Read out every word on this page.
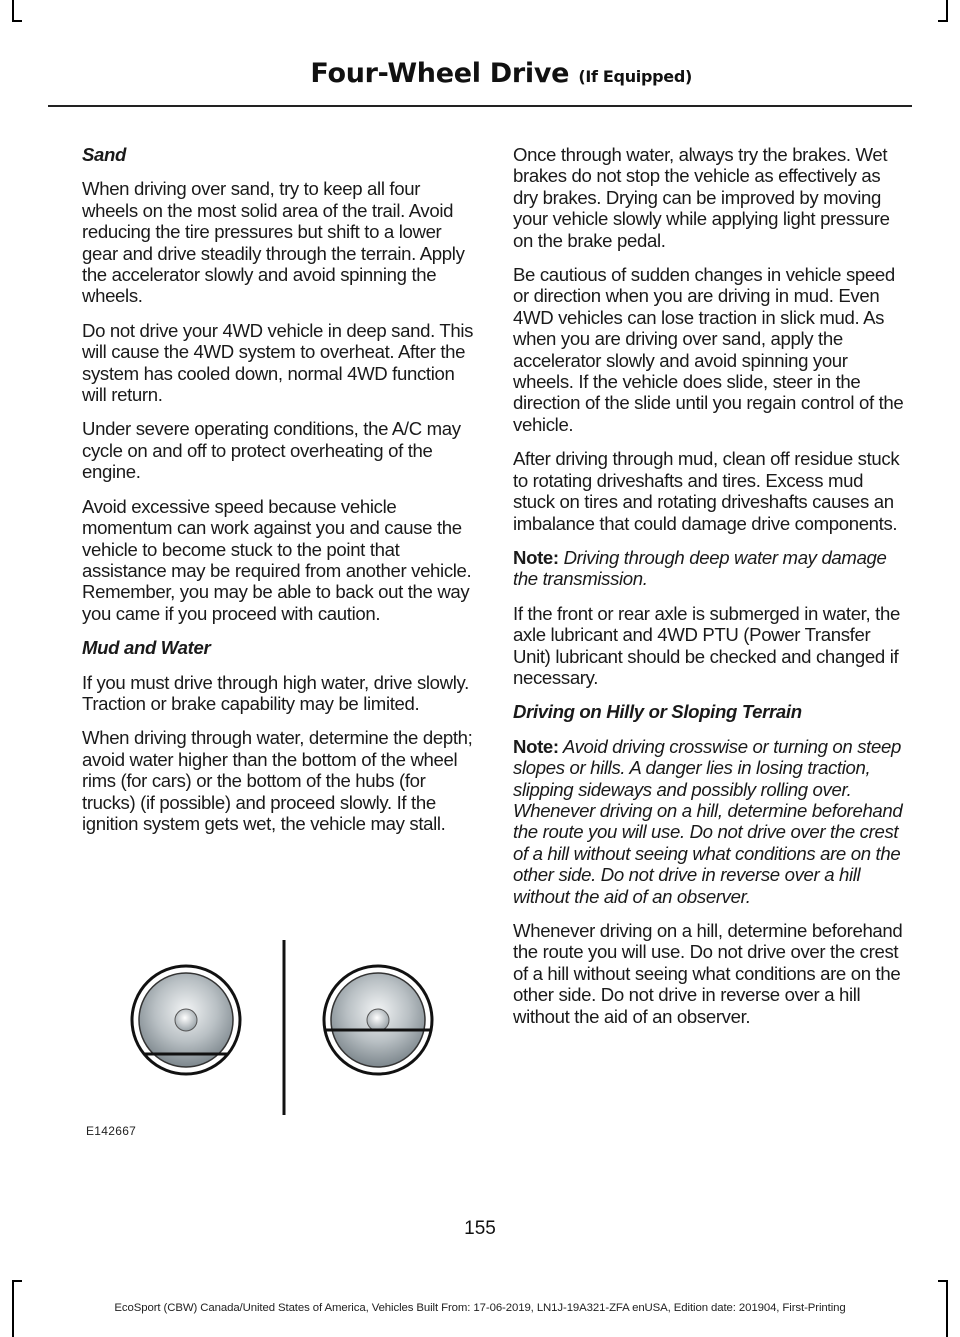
Four-Wheel Drive (If Equipped)

Sand

When driving over sand, try to keep all four wheels on the most solid area of the trail. Avoid reducing the tire pressures but shift to a lower gear and drive steadily through the terrain. Apply the accelerator slowly and avoid spinning the wheels.

Do not drive your 4WD vehicle in deep sand. This will cause the 4WD system to overheat. After the system has cooled down, normal 4WD function will return.

Under severe operating conditions, the A/C may cycle on and off to protect overheating of the engine.

Avoid excessive speed because vehicle momentum can work against you and cause the vehicle to become stuck to the point that assistance may be required from another vehicle. Remember, you may be able to back out the way you came if you proceed with caution.

Mud and Water

If you must drive through high water, drive slowly. Traction or brake capability may be limited.

When driving through water, determine the depth; avoid water higher than the bottom of the wheel rims (for cars) or the bottom of the hubs (for trucks) (if possible) and proceed slowly. If the ignition system gets wet, the vehicle may stall.

E142667

Once through water, always try the brakes. Wet brakes do not stop the vehicle as effectively as dry brakes. Drying can be improved by moving your vehicle slowly while applying light pressure on the brake pedal.

Be cautious of sudden changes in vehicle speed or direction when you are driving in mud. Even 4WD vehicles can lose traction in slick mud. As when you are driving over sand, apply the accelerator slowly and avoid spinning your wheels. If the vehicle does slide, steer in the direction of the slide until you regain control of the vehicle.

After driving through mud, clean off residue stuck to rotating driveshafts and tires. Excess mud stuck on tires and rotating driveshafts causes an imbalance that could damage drive components.

Note: Driving through deep water may damage the transmission.

If the front or rear axle is submerged in water, the axle lubricant and 4WD PTU (Power Transfer Unit) lubricant should be checked and changed if necessary.

Driving on Hilly or Sloping Terrain

Note: Avoid driving crosswise or turning on steep slopes or hills. A danger lies in losing traction, slipping sideways and possibly rolling over. Whenever driving on a hill, determine beforehand the route you will use. Do not drive over the crest of a hill without seeing what conditions are on the other side. Do not drive in reverse over a hill without the aid of an observer.

Whenever driving on a hill, determine beforehand the route you will use. Do not drive over the crest of a hill without seeing what conditions are on the other side. Do not drive in reverse over a hill without the aid of an observer.

155
EcoSport (CBW) Canada/United States of America, Vehicles Built From: 17-06-2019, LN1J-19A321-ZFA enUSA, Edition date: 201904, First-Printing
